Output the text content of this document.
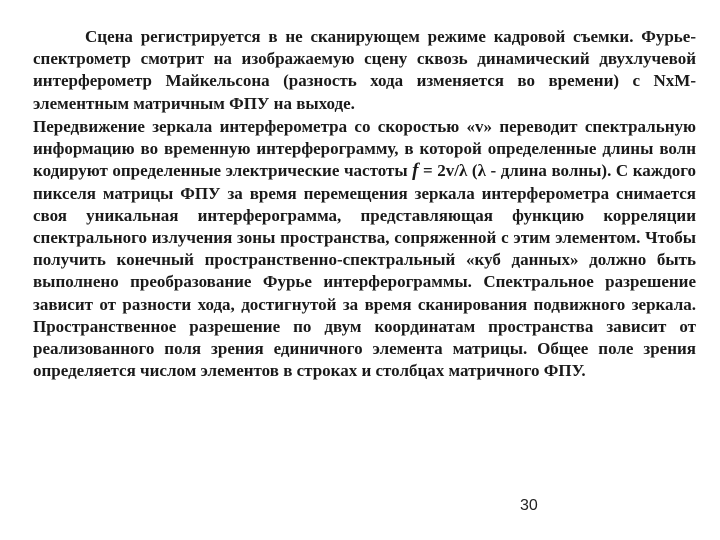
Сцена регистрируется в не сканирующем режиме кадровой съемки. Фурье-спектрометр смотрит на изображаемую сцену сквозь динамический двухлучевой интерферометр Майкельсона (разность хода изменяется во времени) с NxM-элементным матричным ФПУ на выходе.

Передвижение зеркала интерферометра со скоростью «v» переводит спектральную информацию во временную интерферограмму, в которой определенные длины волн кодируют определенные электрические частоты f = 2v/λ (λ - длина волны). С каждого пикселя матрицы ФПУ за время перемещения зеркала интерферометра снимается своя уникальная интерферограмма, представляющая функцию корреляции спектрального излучения зоны пространства, сопряженной с этим элементом. Чтобы получить конечный пространственно-спектральный «куб данных» должно быть выполнено преобразование Фурье интерферограммы. Спектральное разрешение зависит от разности хода, достигнутой за время сканирования подвижного зеркала. Пространственное разрешение по двум координатам пространства зависит от реализованного поля зрения единичного элемента матрицы. Общее поле зрения определяется числом элементов в строках и столбцах матричного ФПУ.

30
